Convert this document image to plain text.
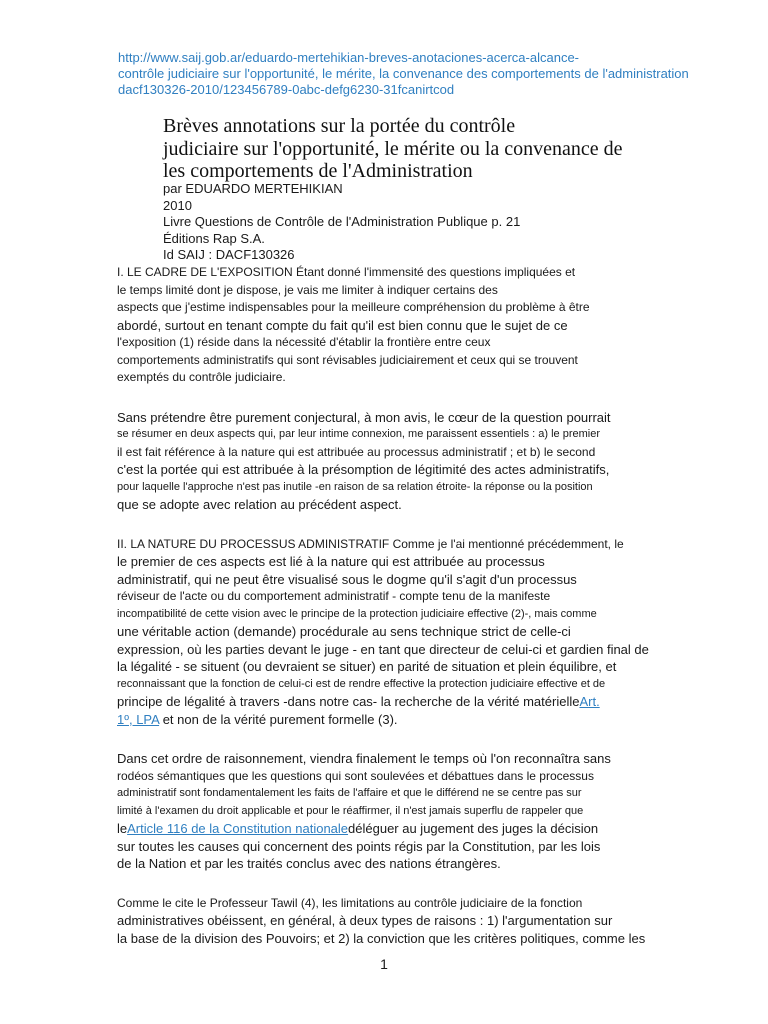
http://www.saij.gob.ar/eduardo-mertehikian-breves-anotaciones-acerca-alcance-
contrôle judiciaire sur l'opportunité, le mérite, la convenance des comportements de l'administration
dacf130326-2010/123456789-0abc-defg6230-31fcanirtcod
Brèves annotations sur la portée du contrôle
judiciaire sur l'opportunité, le mérite ou la convenance de
les comportements de l'Administration
par EDUARDO MERTEHIKIAN
2010
Livre Questions de Contrôle de l'Administration Publique p. 21
Éditions Rap S.A.
Id SAIJ : DACF130326
I. LE CADRE DE L'EXPOSITION Étant donné l'immensité des questions impliquées et
le temps limité dont je dispose, je vais me limiter à indiquer certains des
aspects que j'estime indispensables pour la meilleure compréhension du problème à être
abordé, surtout en tenant compte du fait qu'il est bien connu que le sujet de ce
l'exposition (1) réside dans la nécessité d'établir la frontière entre ceux
comportements administratifs qui sont révisables judiciairement et ceux qui se trouvent
exemptés du contrôle judiciaire.
Sans prétendre être purement conjectural, à mon avis, le cœur de la question pourrait
se résumer en deux aspects qui, par leur intime connexion, me paraissent essentiels : a) le premier
il est fait référence à la nature qui est attribuée au processus administratif ; et b) le second
c'est la portée qui est attribuée à la présomption de légitimité des actes administratifs,
pour laquelle l'approche n'est pas inutile -en raison de sa relation étroite- la réponse ou la position
que se adopte avec relation au précédent aspect.
II. LA NATURE DU PROCESSUS ADMINISTRATIF Comme je l'ai mentionné précédemment, le
le premier de ces aspects est lié à la nature qui est attribuée au processus
administratif, qui ne peut être visualisé sous le dogme qu'il s'agit d'un processus
réviseur de l'acte ou du comportement administratif - compte tenu de la manifeste
incompatibilité de cette vision avec le principe de la protection judiciaire effective (2)-, mais comme
une véritable action (demande) procédurale au sens technique strict de celle-ci
expression, où les parties devant le juge - en tant que directeur de celui-ci et gardien final de
la légalité - se situent (ou devraient se situer) en parité de situation et plein équilibre, et
reconnaissant que la fonction de celui-ci est de rendre effective la protection judiciaire effective et de
principe de légalité à travers -dans notre cas- la recherche de la vérité matérielleArt.
1º, LPA et non de la vérité purement formelle (3).
Dans cet ordre de raisonnement, viendra finalement le temps où l'on reconnaîtra sans
rodéos sémantiques que les questions qui sont soulevées et débattues dans le processus
administratif sont fondamentalement les faits de l'affaire et que le différend ne se centre pas sur
limité à l'examen du droit applicable et pour le réaffirmer, il n'est jamais superflu de rappeler que
leArticle 116 de la Constitution nationaledéléguer au jugement des juges la décision
sur toutes les causes qui concernent des points régis par la Constitution, par les lois
de la Nation et par les traités conclus avec des nations étrangères.
Comme le cite le Professeur Tawil (4), les limitations au contrôle judiciaire de la fonction
administratives obéissent, en général, à deux types de raisons : 1) l'argumentation sur
la base de la division des Pouvoirs; et 2) la conviction que les critères politiques, comme les
1
